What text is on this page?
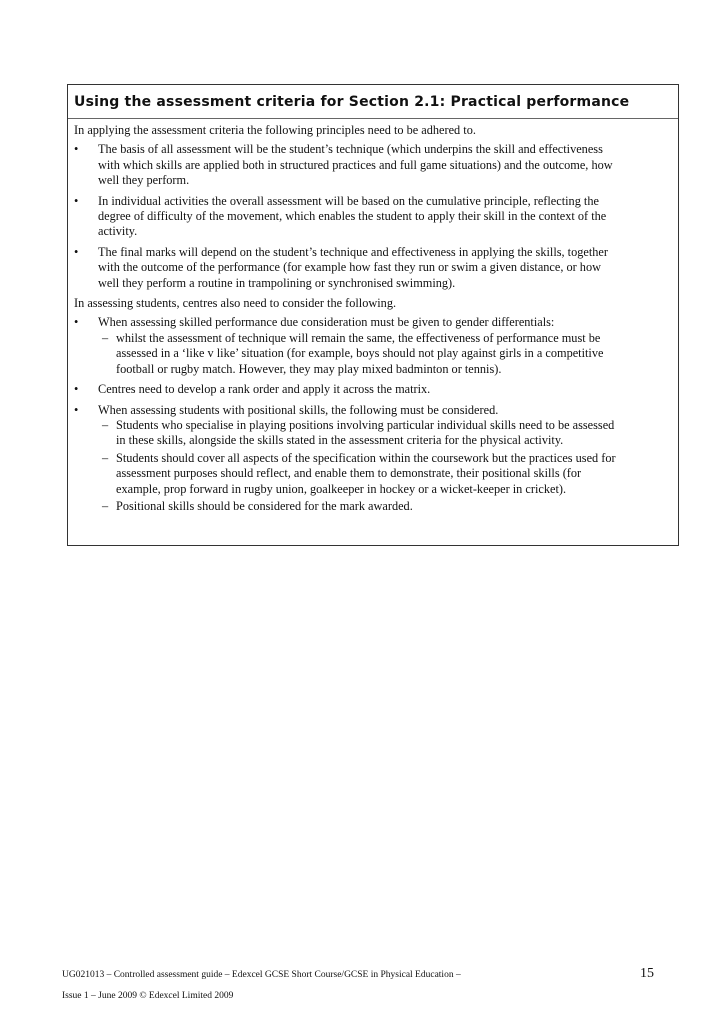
Using the assessment criteria for Section 2.1: Practical performance
In applying the assessment criteria the following principles need to be adhered to.
•	The basis of all assessment will be the student’s technique (which underpins the skill and effectiveness
with which skills are applied both in structured practices and full game situations) and the outcome, how
well they perform.
•	In individual activities the overall assessment will be based on the cumulative principle, reflecting the
degree of difficulty of the movement, which enables the student to apply their skill in the context of the
activity.
•	The final marks will depend on the student’s technique and effectiveness in applying the skills, together
with the outcome of the performance (for example how fast they run or swim a given distance, or how
well they perform a routine in trampolining or synchronised swimming).
In assessing students, centres also need to consider the following.
•	When assessing skilled performance due consideration must be given to gender differentials:
– whilst the assessment of technique will remain the same, the effectiveness of performance must be
assessed in a ‘like v like’ situation (for example, boys should not play against girls in a competitive
football or rugby match. However, they may play mixed badminton or tennis).
•	Centres need to develop a rank order and apply it across the matrix.
•	When assessing students with positional skills, the following must be considered.
– Students who specialise in playing positions involving particular individual skills need to be assessed
in these skills, alongside the skills stated in the assessment criteria for the physical activity.
– Students should cover all aspects of the specification within the coursework but the practices used for
assessment purposes should reflect, and enable them to demonstrate, their positional skills (for
example, prop forward in rugby union, goalkeeper in hockey or a wicket-keeper in cricket).
– Positional skills should be considered for the mark awarded.
UG021013 – Controlled assessment guide – Edexcel GCSE Short Course/GCSE in Physical Education –	15
Issue 1 – June 2009 © Edexcel Limited 2009
